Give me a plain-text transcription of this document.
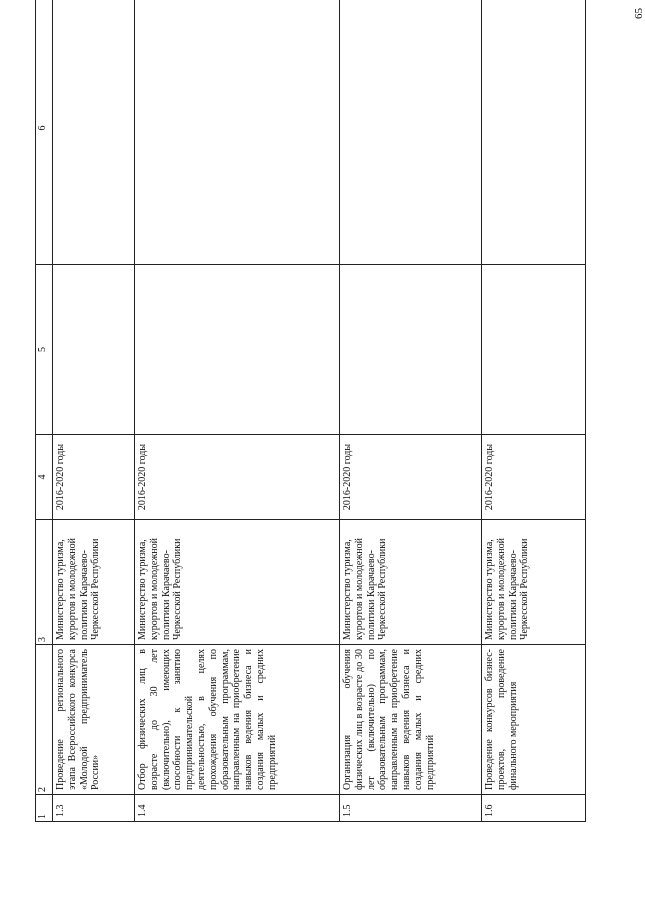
65
1	2	3	4	5	6
1.3	Проведение регионального этапа Всероссийского конкурса «Молодой предприниматель России»	Министерство туризма, курортов и молодежной политики Карачаево-Черкесской Республики	2016-2020 годы		
1.4	Отбор физических лиц в возрасте до 30 лет (включительно), имеющих способности к занятию предпринимательской деятельностью, в целях прохождения обучения по образовательным программам, направленным на приобретение навыков ведения бизнеса и создания малых и средних предприятий	Министерство туризма, курортов и молодежной политики Карачаево-Черкесской Республики	2016-2020 годы		
1.5	Организация обучения физических лиц в возрасте до 30 лет (включительно) по образовательным программам, направленным на приобретение навыков ведения бизнеса и создания малых и средних предприятий	Министерство туризма, курортов и молодежной политики Карачаево-Черкесской Республики	2016-2020 годы		
1.6	Проведение конкурсов бизнес-проектов, проведение финального мероприятия	Министерство туризма, курортов и молодежной политики Карачаево-Черкесской Республики	2016-2020 годы		
